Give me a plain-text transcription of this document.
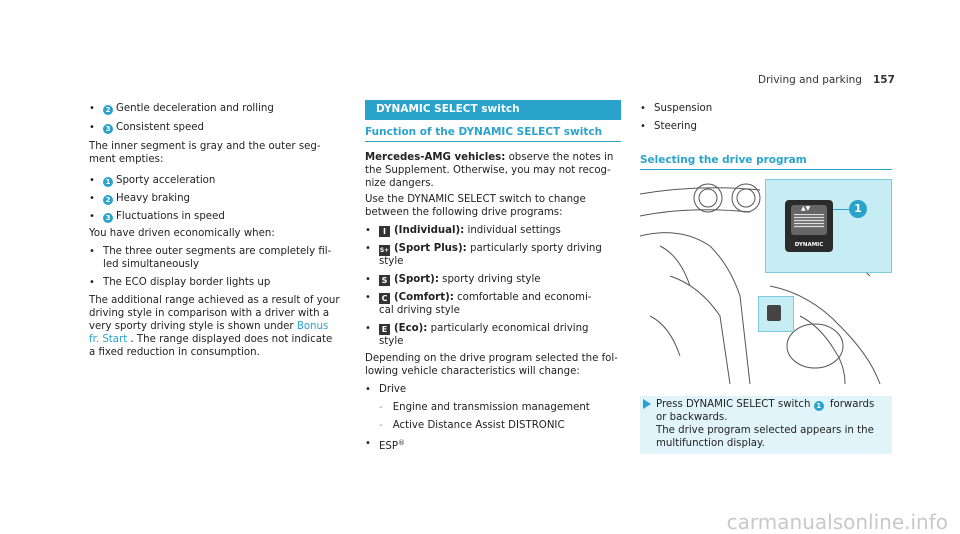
Driving and parking 157
• 2 Gentle deceleration and rolling
• 3 Consistent speed
The inner segment is gray and the outer seg-
ment empties:
• 1 Sporty acceleration
• 2 Heavy braking
• 3 Fluctuations in speed
You have driven economically when:
• The three outer segments are completely fil-
led simultaneously
• The ECO display border lights up
The additional range achieved as a result of your
driving style in comparison with a driver with a
very sporty driving style is shown under Bonus
fr. Start . The range displayed does not indicate
a fixed reduction in consumption.
DYNAMIC SELECT switch
Function of the DYNAMIC SELECT switch
Mercedes-AMG vehicles: observe the notes in
the Supplement. Otherwise, you may not recog-
nize dangers.
Use the DYNAMIC SELECT switch to change
between the following drive programs:
• I (Individual): individual settings
• S+ (Sport Plus): particularly sporty driving
style
• S (Sport): sporty driving style
• C (Comfort): comfortable and economi-
cal driving style
• E (Eco): particularly economical driving
style
Depending on the drive program selected the fol-
lowing vehicle characteristics will change:
• Drive
- Engine and transmission management
- Active Distance Assist DISTRONIC
• ESP®
• Suspension
• Steering
Selecting the drive program
▲▼
DYNAMIC
1
Press DYNAMIC SELECT switch 1 forwards
or backwards.
The drive program selected appears in the
multifunction display.
carmanualsonline.info
